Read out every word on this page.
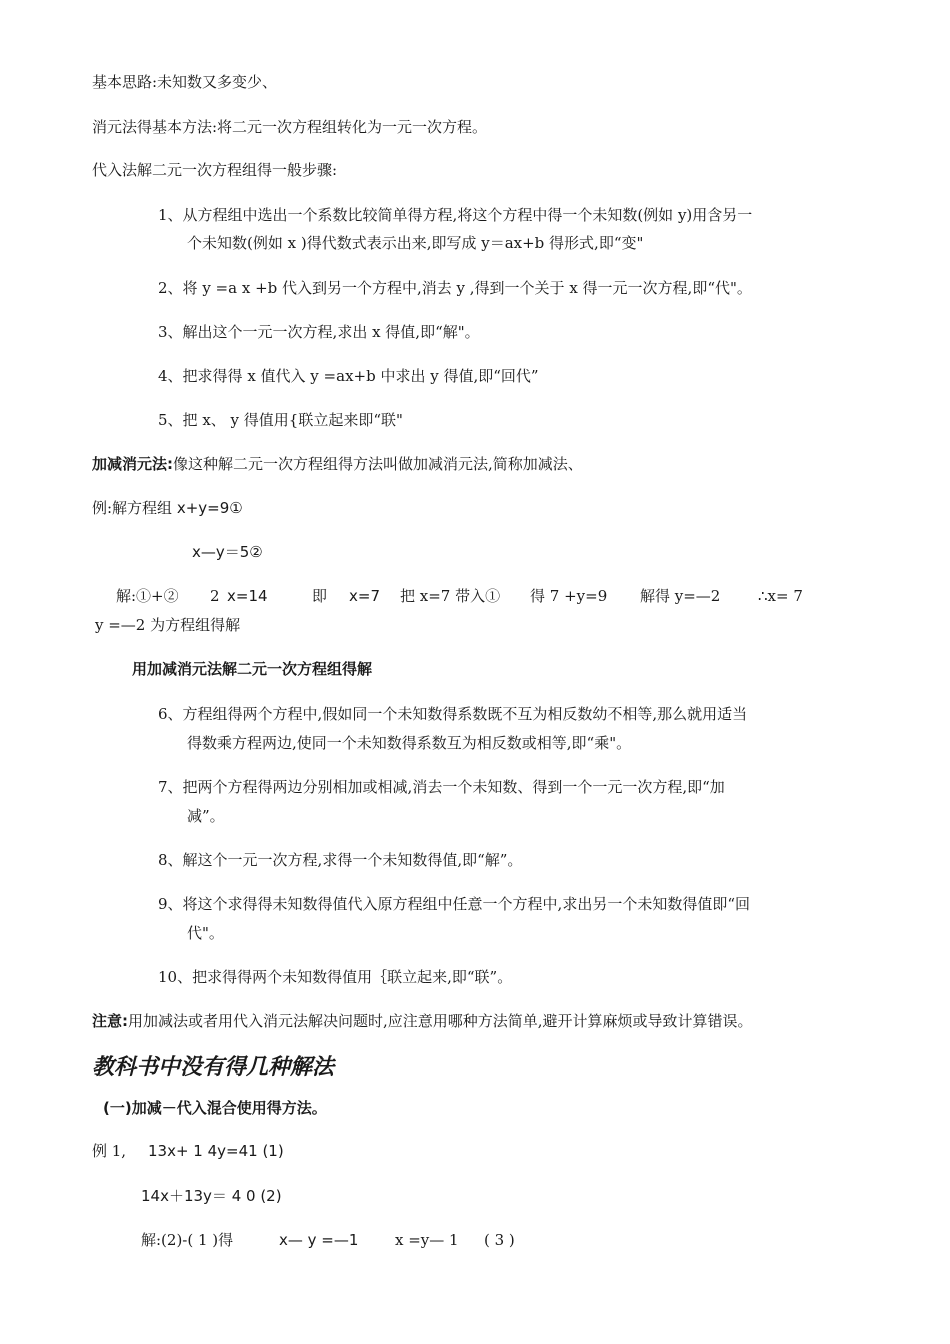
基本思路:未知数又多变少、
消元法得基本方法:将二元一次方程组转化为一元一次方程。
代入法解二元一次方程组得一般步骤:
1、从方程组中选出一个系数比较简单得方程,将这个方程中得一个未知数(例如 y)用含另一
个未知数(例如 x )得代数式表示出来,即写成 y＝ax+b 得形式,即“变"
2、将 y =a x +b 代入到另一个方程中,消去 y ,得到一个关于 x 得一元一次方程,即“代"。
3、解出这个一元一次方程,求出 x 得值,即“解"。
4、把求得得 x 值代入 y =ax+b 中求出 y 得值,即“回代”
5、把 x、 y 得值用{联立起来即“联"
加减消元法:像这种解二元一次方程组得方法叫做加减消元法,简称加减法、
例:解方程组 x+y=9①
x—y＝5②
解:①+② 2 x=14	即 x=7 把 x=7 带入① 得 7 +y=9 解得 y=—2	∴x= 7
y =—2 为方程组得解
用加减消元法解二元一次方程组得解
6、方程组得两个方程中,假如同一个未知数得系数既不互为相反数幼不相等,那么就用适当
得数乘方程两边,使同一个未知数得系数互为相反数或相等,即“乘"。
7、把两个方程得两边分别相加或相减,消去一个未知数、得到一个一元一次方程,即“加
减”。
8、解这个一元一次方程,求得一个未知数得值,即“解”。
9、将这个求得得未知数得值代入原方程组中任意一个方程中,求出另一个未知数得值即“回
代"。
10、把求得得两个未知数得值用｛联立起来,即“联”。
注意:用加减法或者用代入消元法解决问题时,应注意用哪种方法简单,避开计算麻烦或导致计算错误。
教科书中没有得几种解法
(一)加减－代入混合使用得方法。
例 1, 13x+ 1 4y=41 (1)
14x＋13y＝ 4 0 (2)
解:(2)-( 1 )得	x— y =—1 x =y— 1 ( 3 )
